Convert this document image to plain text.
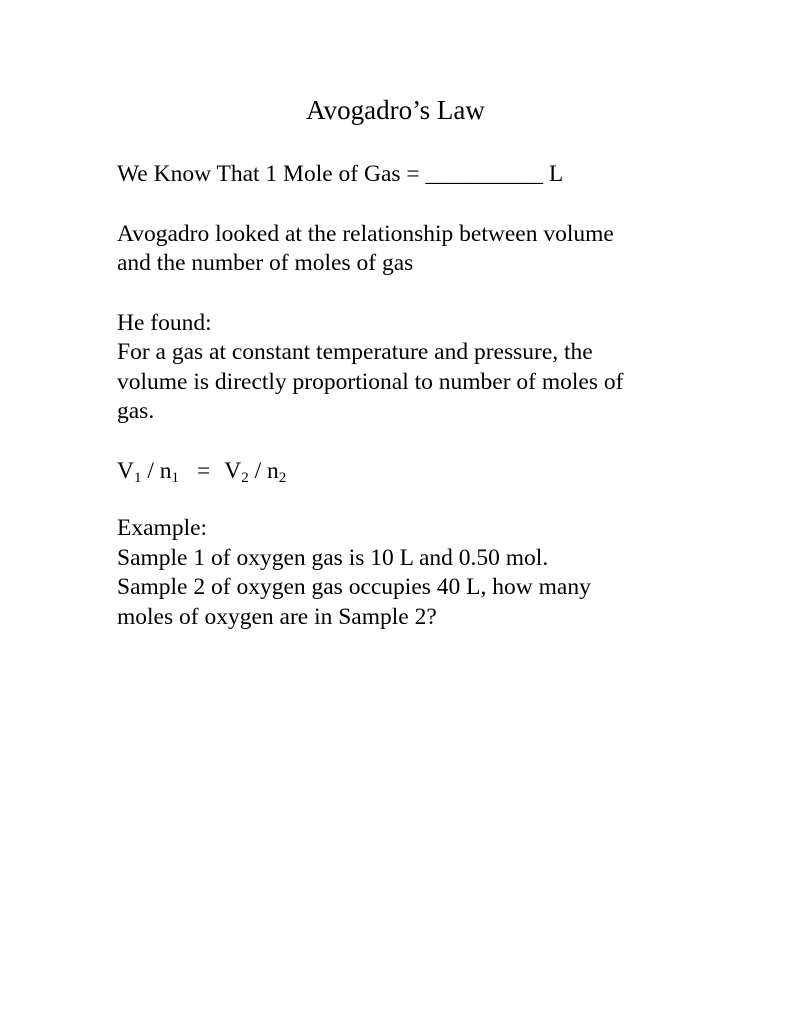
Avogadro’s Law

We Know That 1 Mole of Gas = __________ L

Avogadro looked at the relationship between volume

and the number of moles of gas

He found:

For a gas at constant temperature and pressure, the

volume is directly proportional to number of moles of

gas.

V1 / n1 = V2 / n2

Example:

Sample 1 of oxygen gas is 10 L and 0.50 mol.

Sample 2 of oxygen gas occupies 40 L, how many

moles of oxygen are in Sample 2?
